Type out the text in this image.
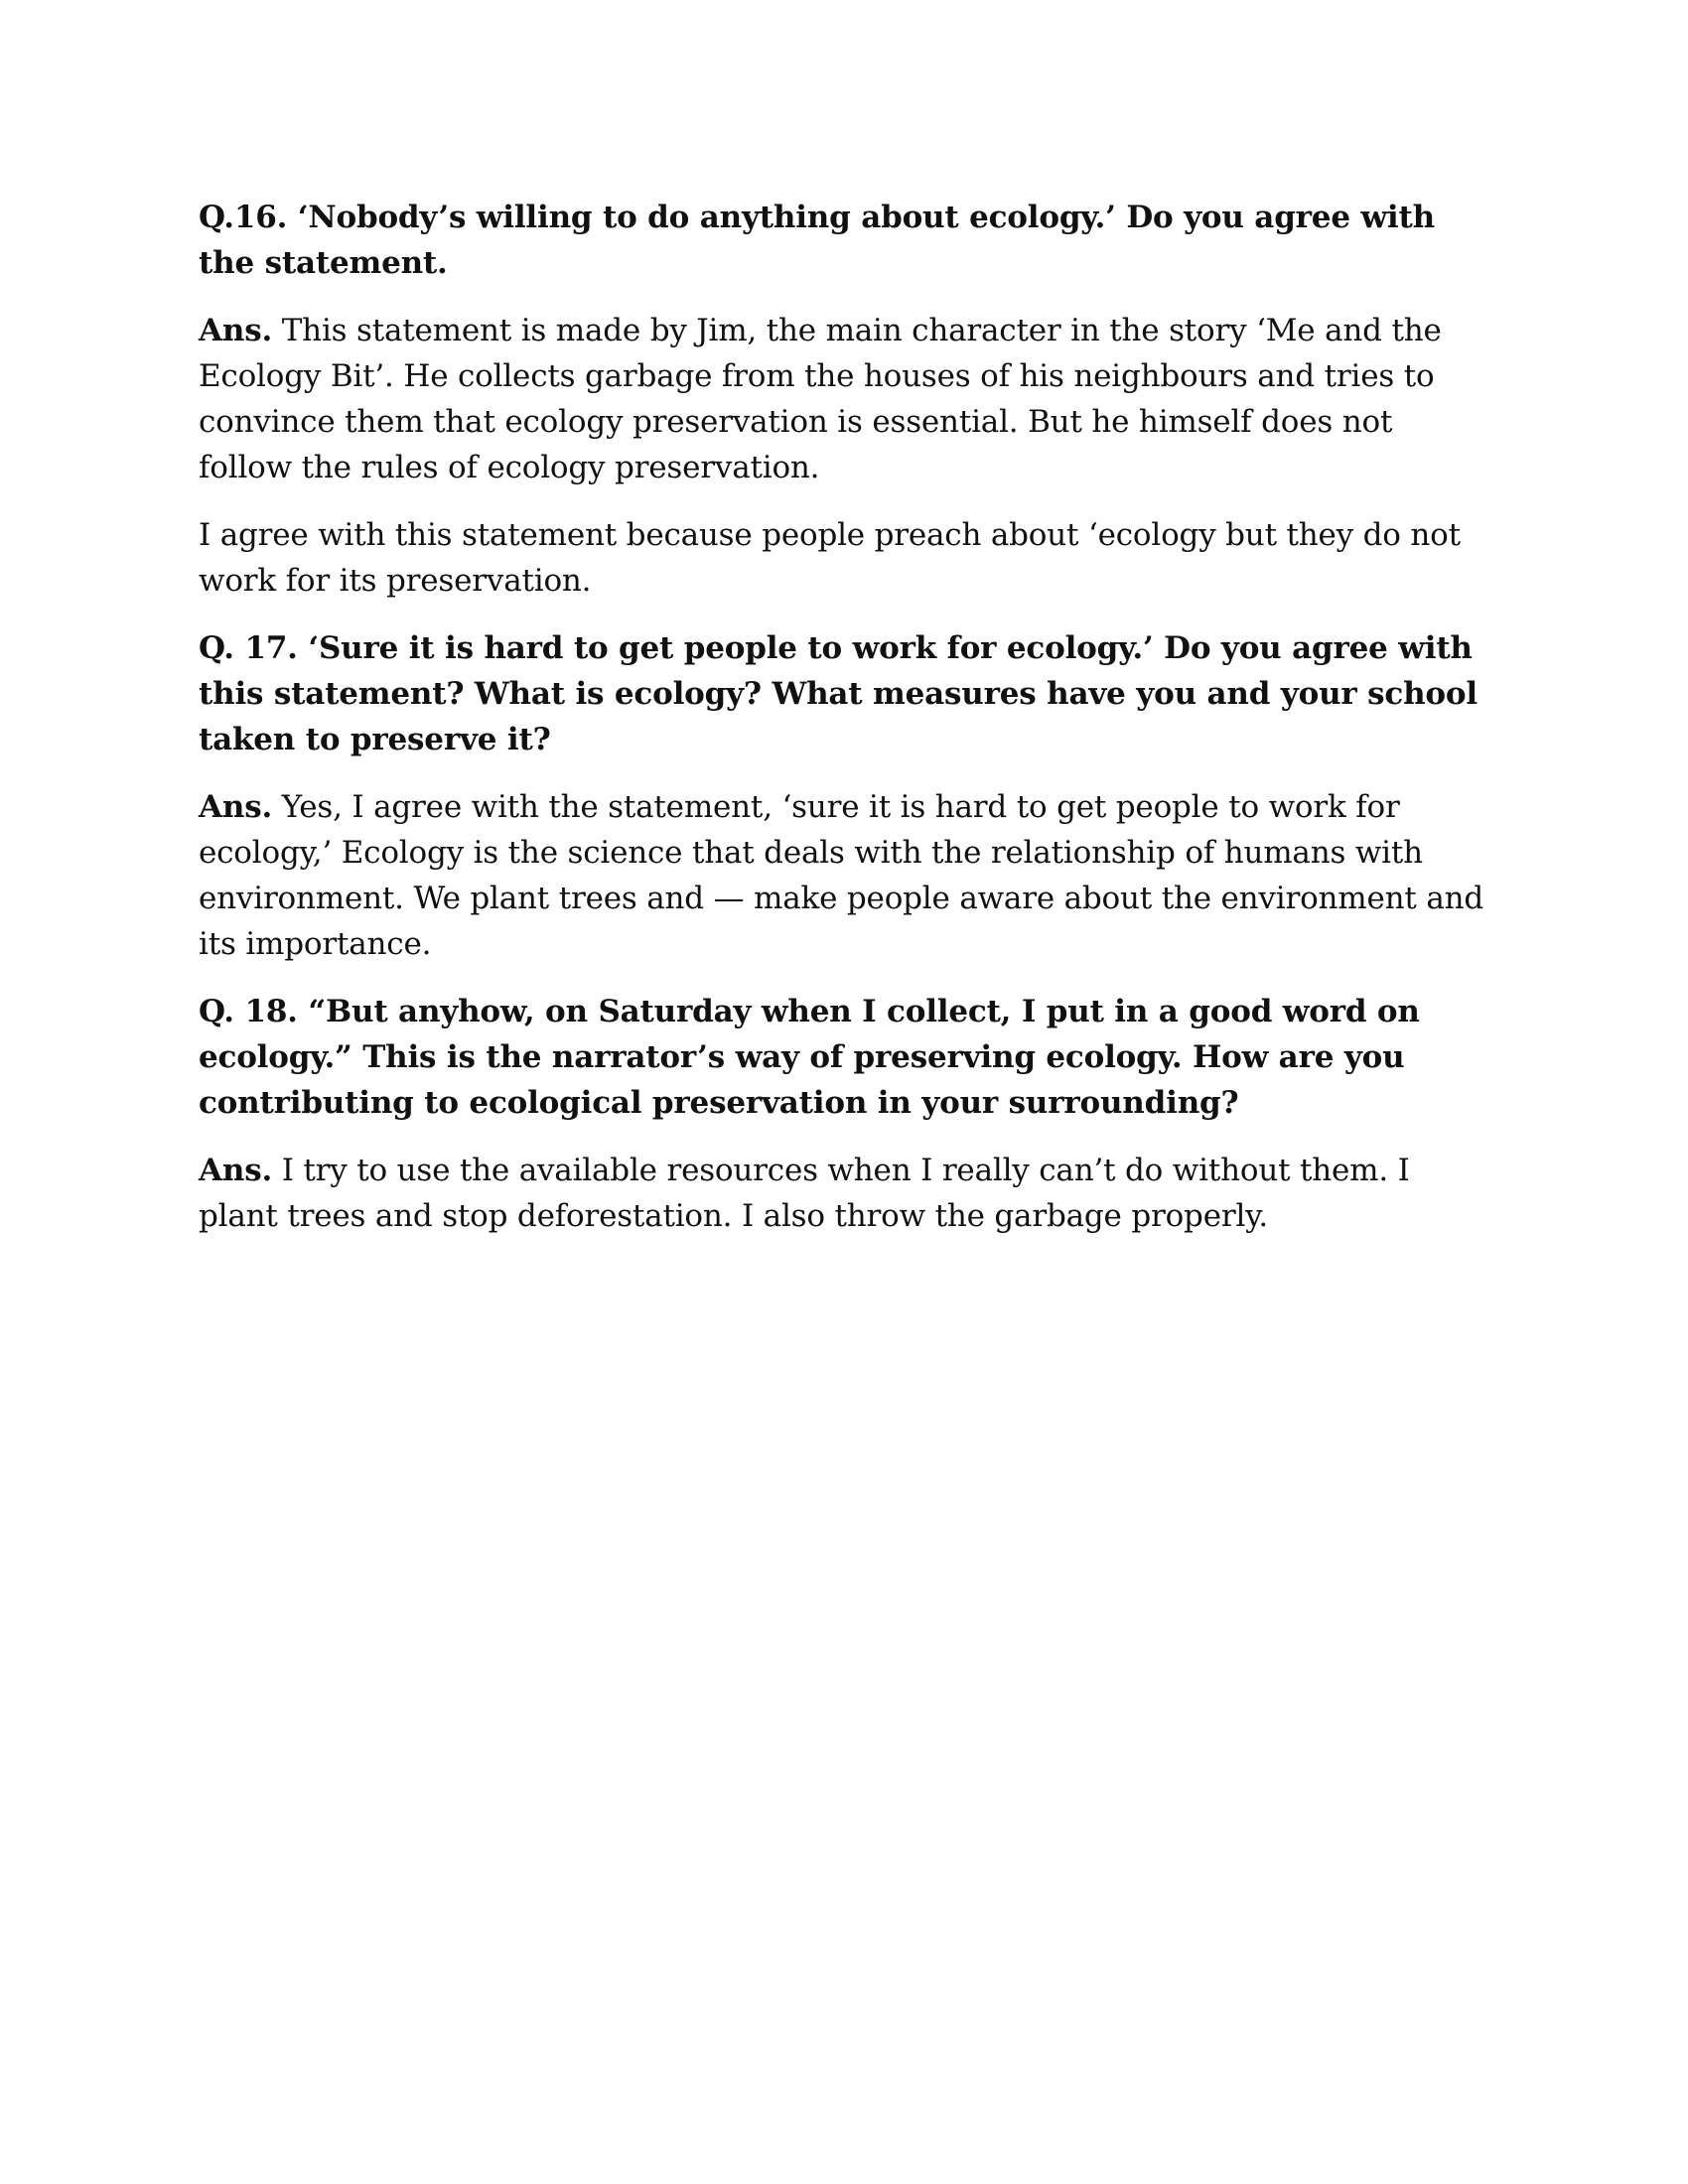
Q.16. ‘Nobody’s willing to do anything about ecology.’ Do you agree with the statement.

Ans. This statement is made by Jim, the main character in the story ‘Me and the Ecology Bit’. He collects garbage from the houses of his neighbours and tries to convince them that ecology preservation is essential. But he himself does not follow the rules of ecology preservation.

I agree with this statement because people preach about ‘ecology but they do not work for its preservation.

Q. 17. ‘Sure it is hard to get people to work for ecology.’ Do you agree with this statement? What is ecology? What measures have you and your school taken to preserve it?

Ans. Yes, I agree with the statement, ‘sure it is hard to get people to work for ecology,’ Ecology is the science that deals with the relationship of humans with environment. We plant trees and — make people aware about the environment and its importance.

Q. 18. “But anyhow, on Saturday when I collect, I put in a good word on ecology.” This is the narrator’s way of preserving ecology. How are you contributing to ecological preservation in your surrounding?

Ans. I try to use the available resources when I really can’t do without them. I plant trees and stop deforestation. I also throw the garbage properly.
